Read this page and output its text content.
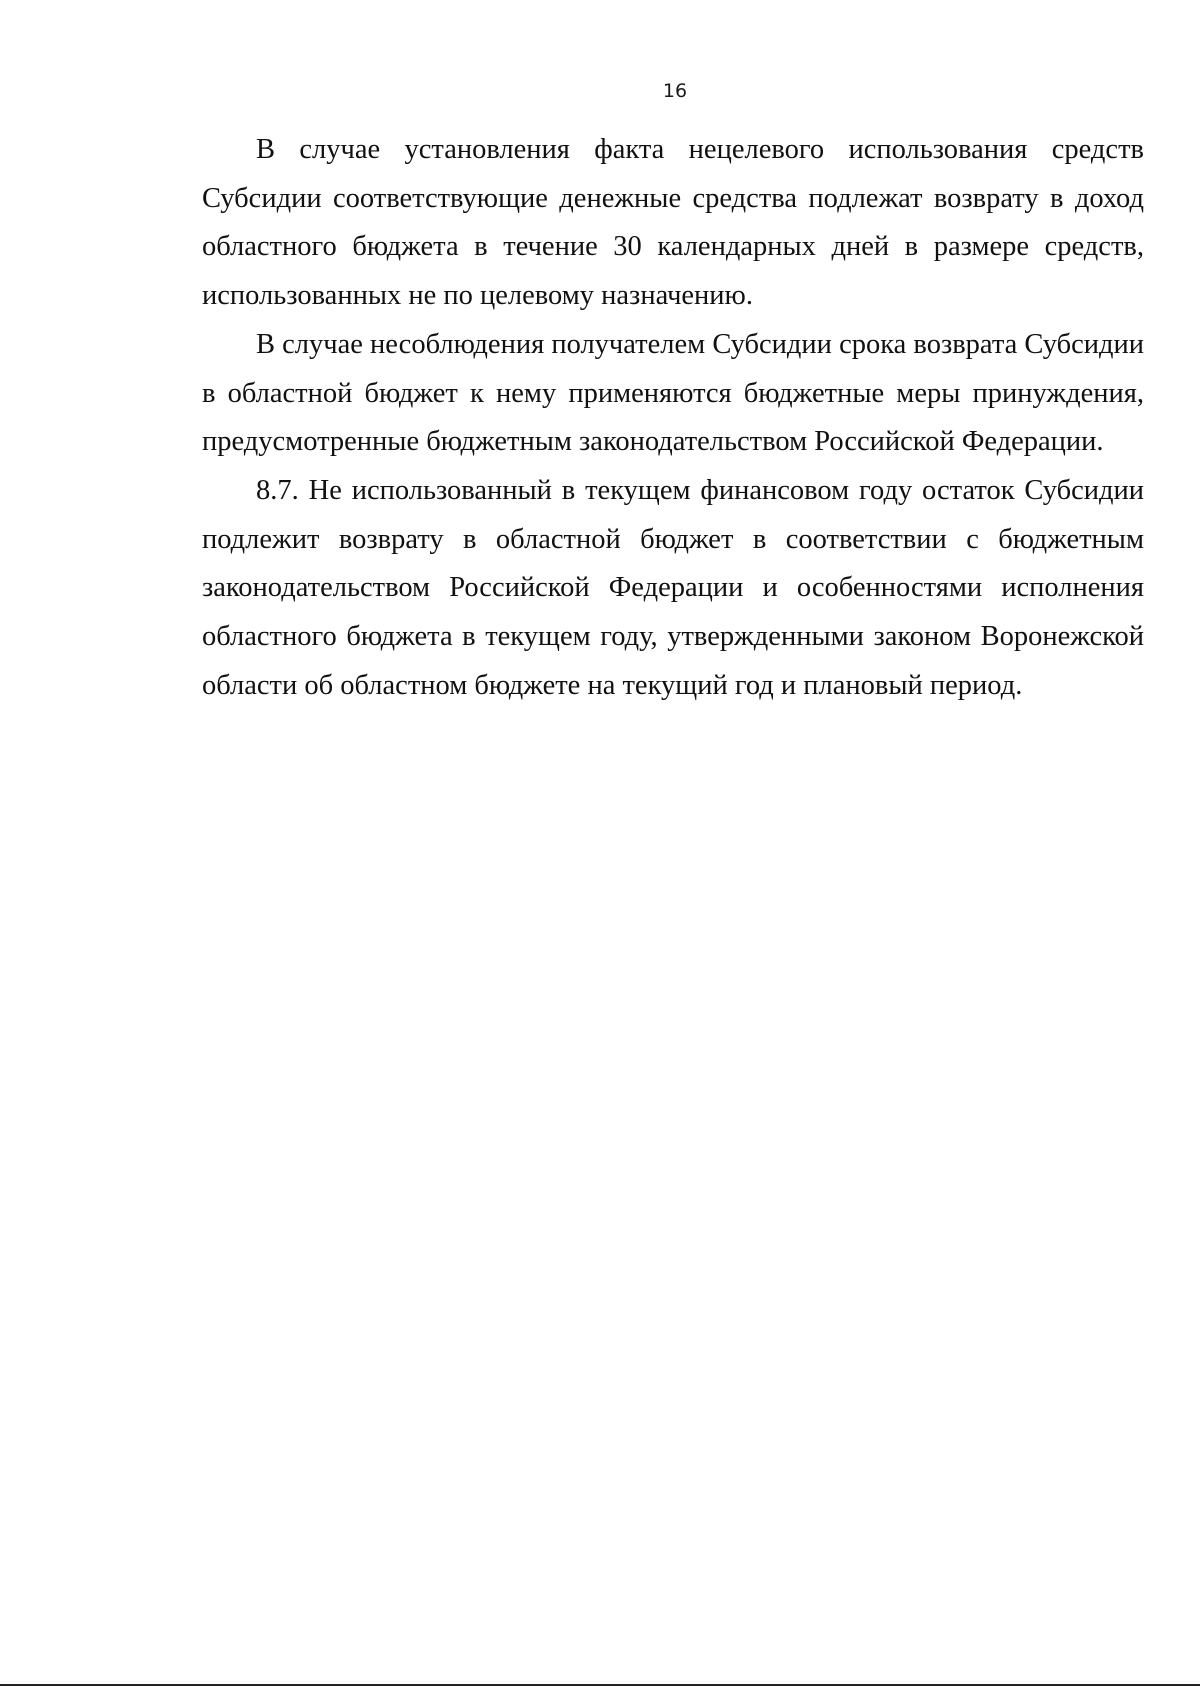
16

В случае установления факта нецелевого использования средств Субсидии соответствующие денежные средства подлежат возврату в доход областного бюджета в течение 30 календарных дней в размере средств, использованных не по целевому назначению.

В случае несоблюдения получателем Субсидии срока возврата Субсидии в областной бюджет к нему применяются бюджетные меры принуждения, предусмотренные бюджетным законодательством Российской Федерации.

8.7. Не использованный в текущем финансовом году остаток Субсидии подлежит возврату в областной бюджет в соответствии с бюджетным законодательством Российской Федерации и особенностями исполнения областного бюджета в текущем году, утвержденными законом Воронежской области об областном бюджете на текущий год и плановый период.
